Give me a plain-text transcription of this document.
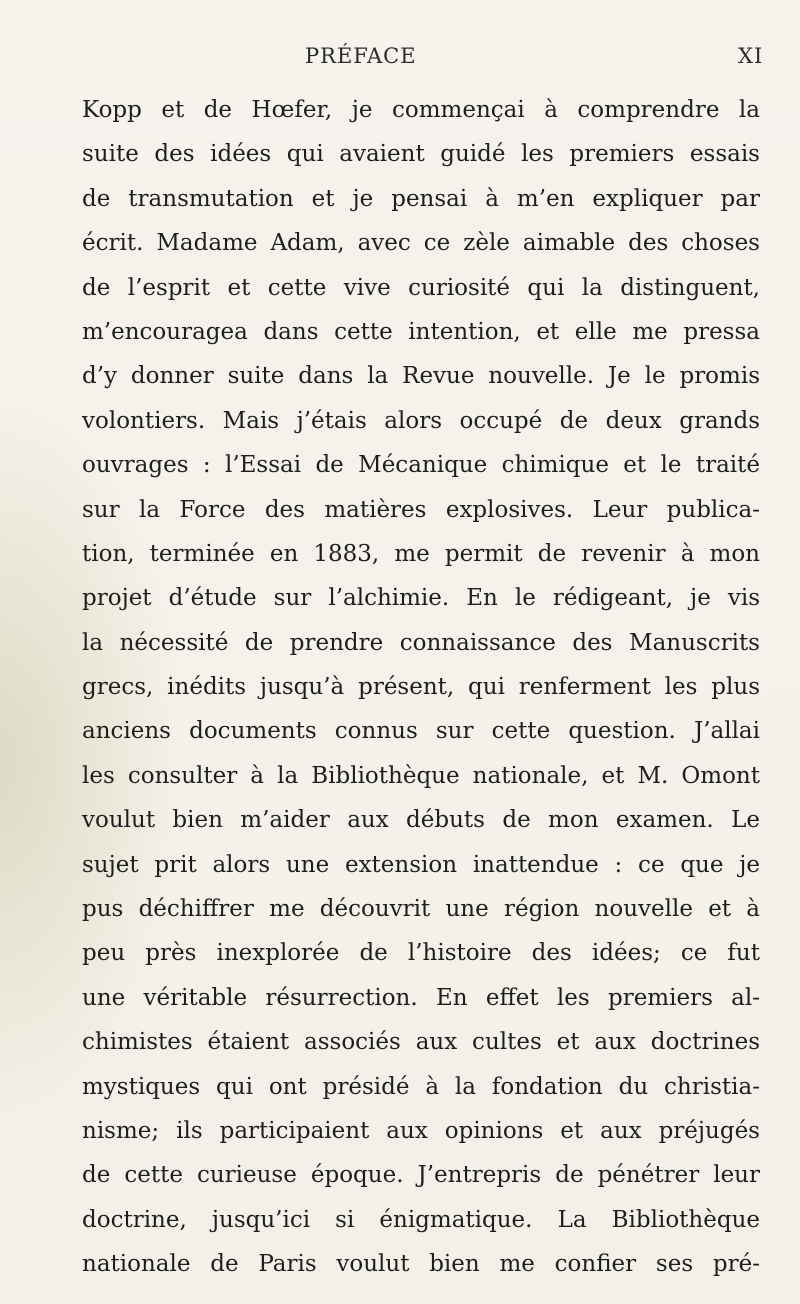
PRÉFACE	XI
Kopp et de Hœfer, je commençai à comprendre la
suite des idées qui avaient guidé les premiers essais
de transmutation et je pensai à m’en expliquer par
écrit. Madame Adam, avec ce zèle aimable des choses
de l’esprit et cette vive curiosité qui la distinguent,
m’encouragea dans cette intention, et elle me pressa
d’y donner suite dans la Revue nouvelle. Je le promis
volontiers. Mais j’étais alors occupé de deux grands
ouvrages : l’Essai de Mécanique chimique et le traité
sur la Force des matières explosives. Leur publica-
tion, terminée en 1883, me permit de revenir à mon
projet d’étude sur l’alchimie. En le rédigeant, je vis
la nécessité de prendre connaissance des Manuscrits
grecs, inédits jusqu’à présent, qui renferment les plus
anciens documents connus sur cette question. J’allai
les consulter à la Bibliothèque nationale, et M. Omont
voulut bien m’aider aux débuts de mon examen. Le
sujet prit alors une extension inattendue : ce que je
pus déchiffrer me découvrit une région nouvelle et à
peu près inexplorée de l’histoire des idées; ce fut
une véritable résurrection. En effet les premiers al-
chimistes étaient associés aux cultes et aux doctrines
mystiques qui ont présidé à la fondation du christia-
nisme; ils participaient aux opinions et aux préjugés
de cette curieuse époque. J’entrepris de pénétrer leur
doctrine, jusqu’ici si énigmatique. La Bibliothèque
nationale de Paris voulut bien me confier ses pré-
